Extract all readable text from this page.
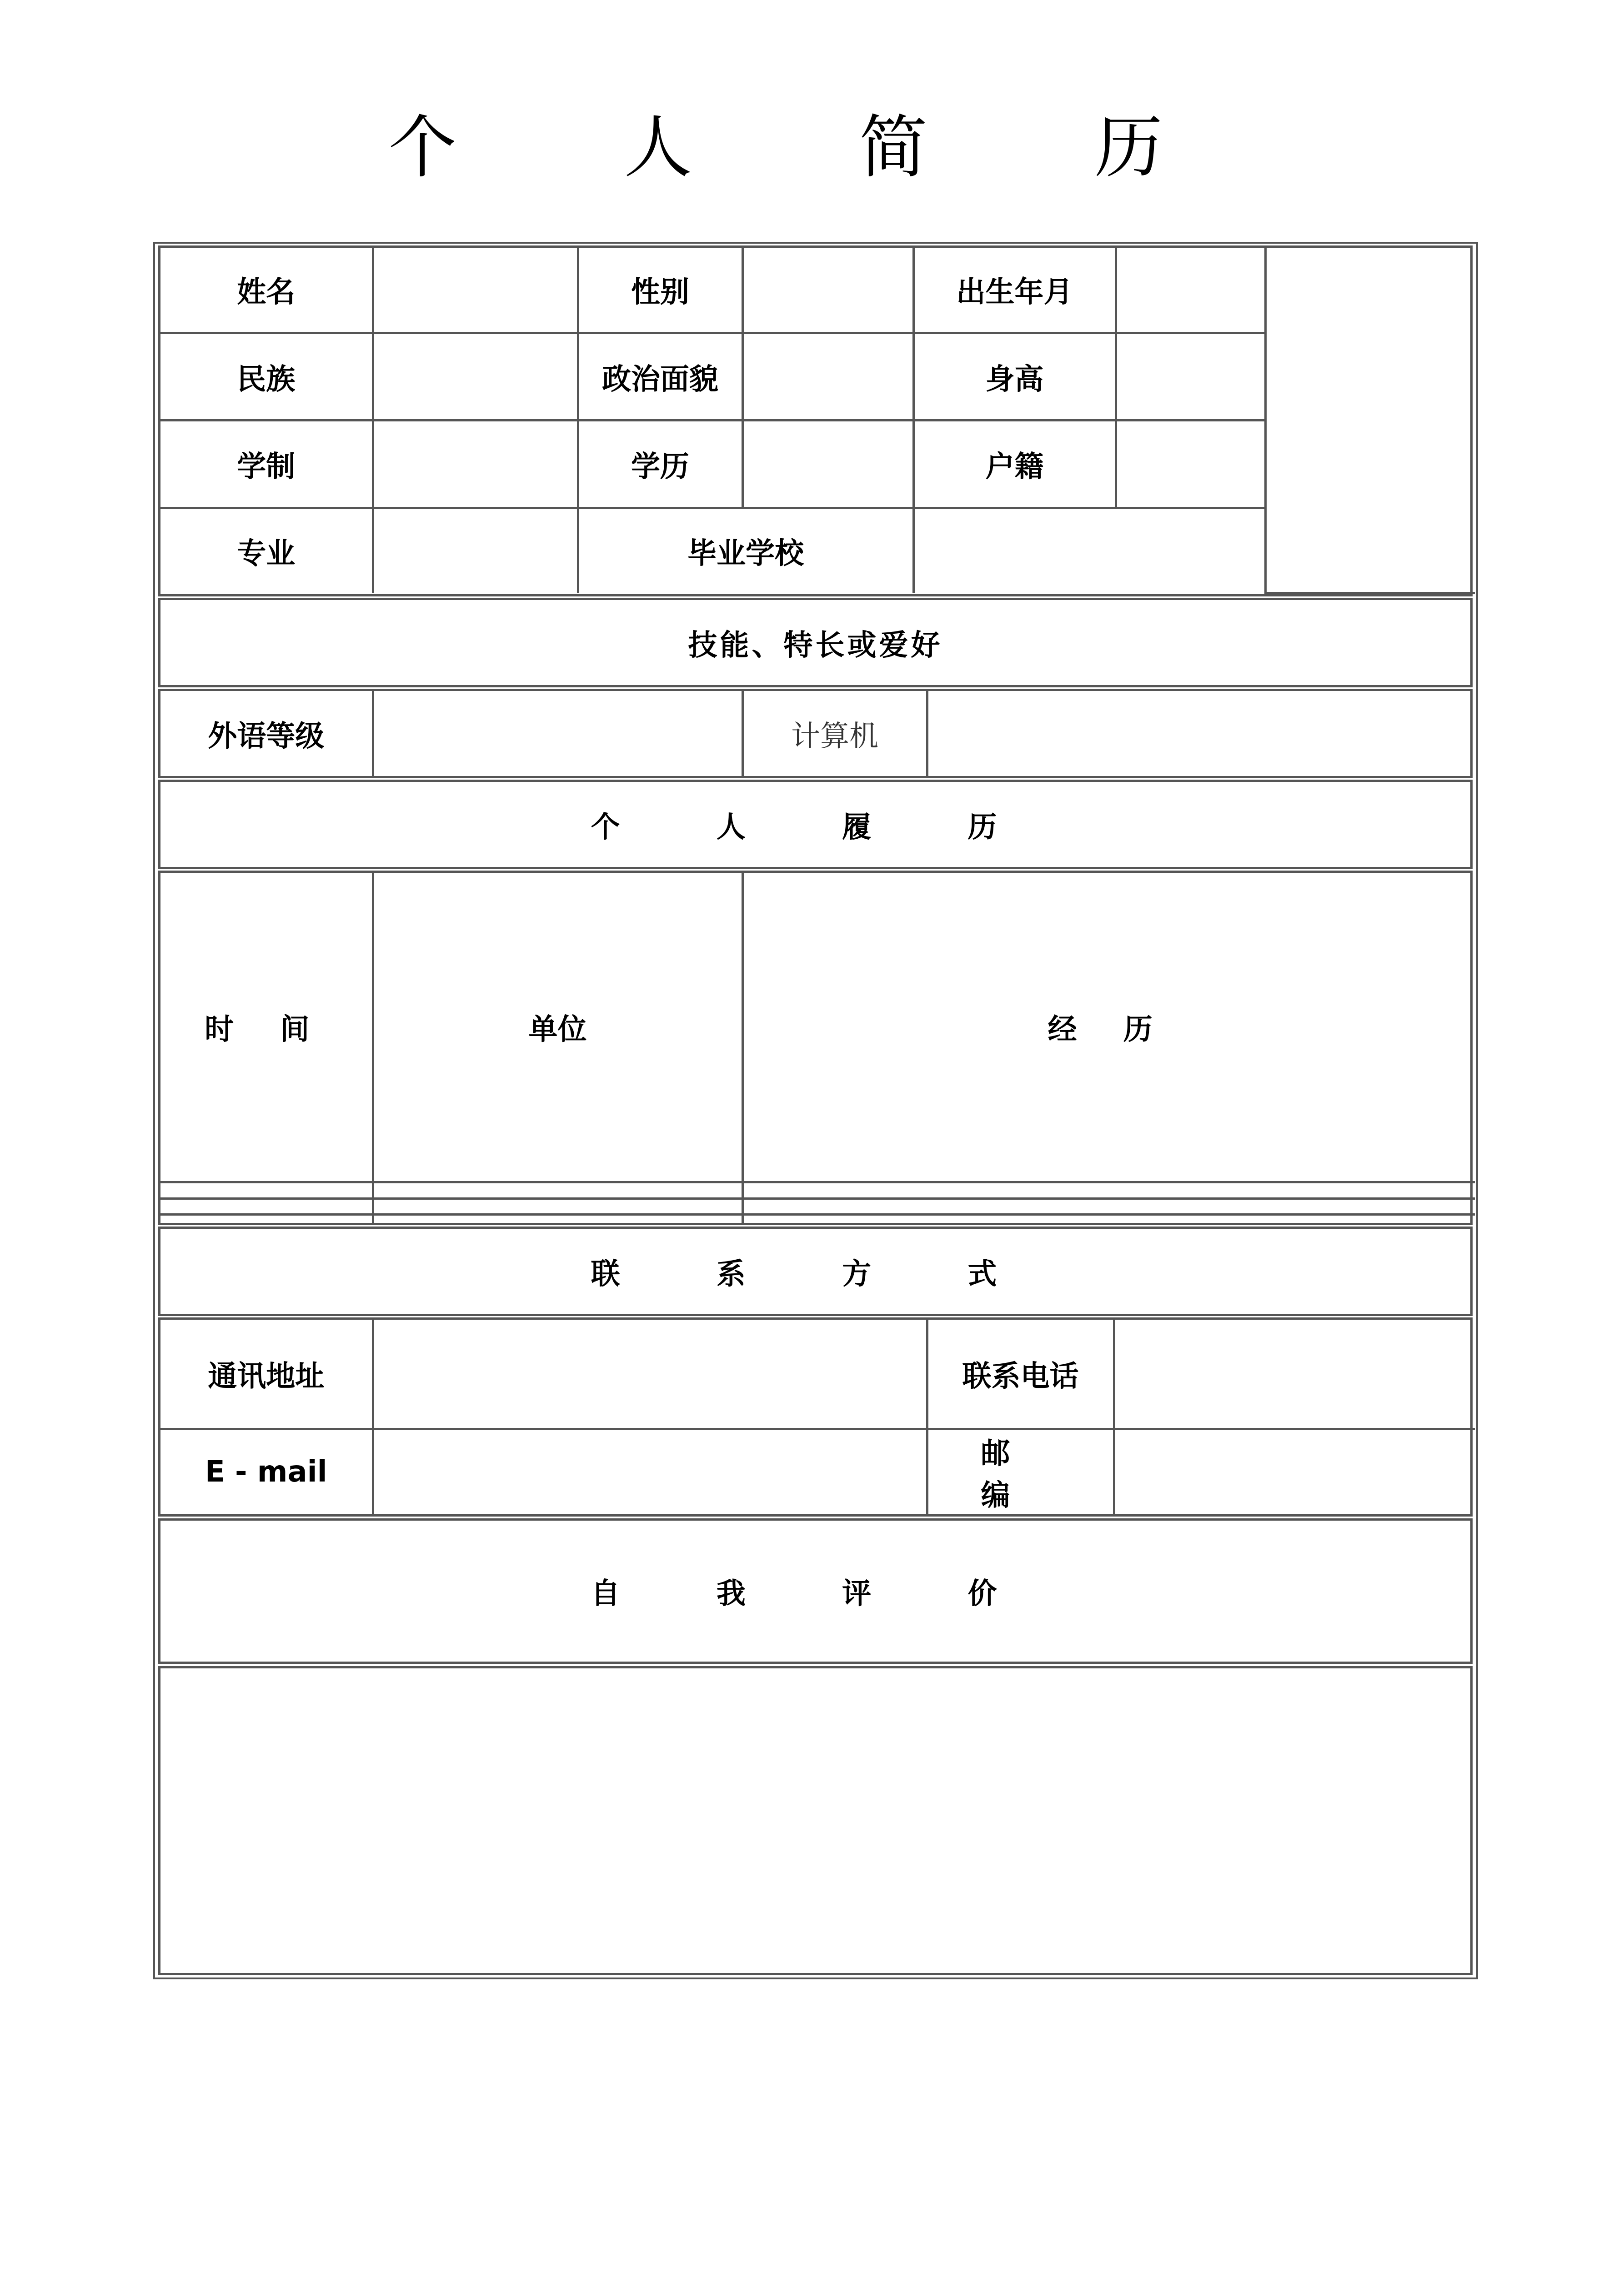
个 人 简 历
姓名		性别		出生年月		
民族		政治面貌		身高		
学制		学历		户籍		
专业		毕业学校				
技能、特长或爱好
外语等级		计算机	
个 人 履 历
时 间	单位	经 历

联 系 方 式
通讯地址		联系电话	
E - mail		邮 编	
自 我 评 价
